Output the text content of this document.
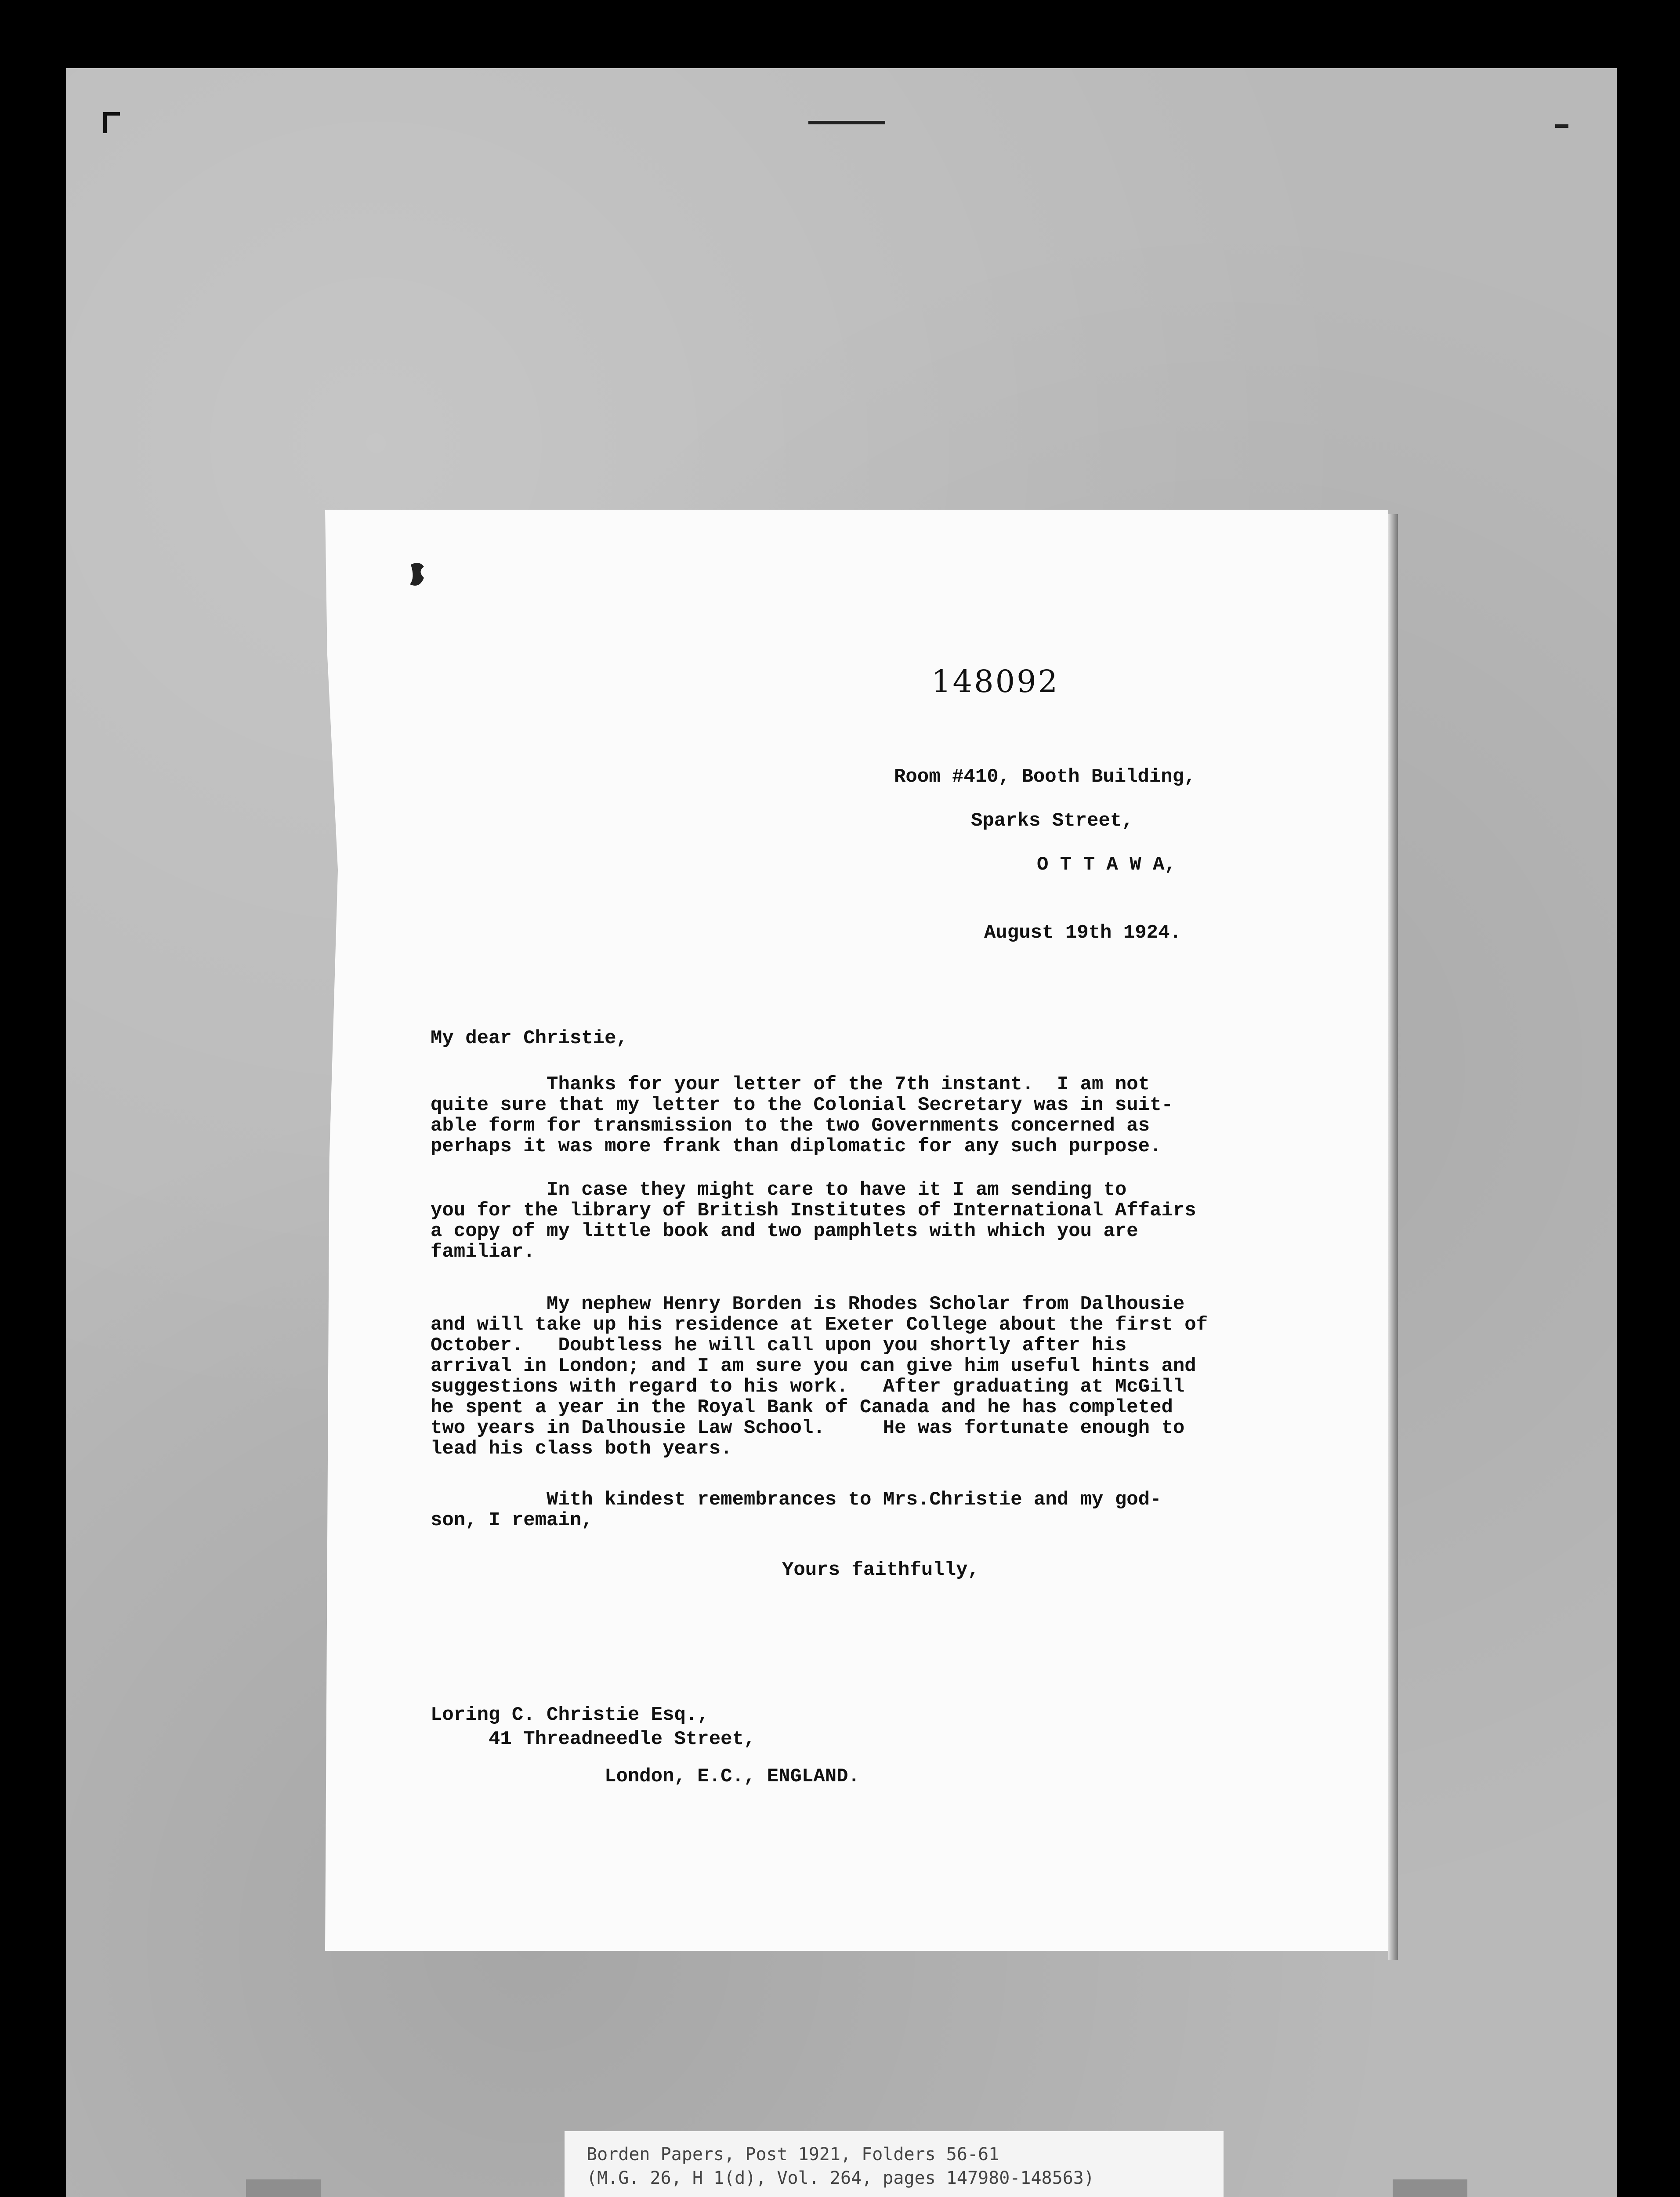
148092
Room #410, Booth Building,
Sparks Street,
O T T A W A,
August 19th 1924.
My dear Christie,
Thanks for your letter of the 7th instant.  I am not
quite sure that my letter to the Colonial Secretary was in suit-
able form for transmission to the two Governments concerned as
perhaps it was more frank than diplomatic for any such purpose.
In case they might care to have it I am sending to
you for the library of British Institutes of International Affairs
a copy of my little book and two pamphlets with which you are
familiar.
My nephew Henry Borden is Rhodes Scholar from Dalhousie
and will take up his residence at Exeter College about the first of
October.   Doubtless he will call upon you shortly after his
arrival in London; and I am sure you can give him useful hints and
suggestions with regard to his work.   After graduating at McGill
he spent a year in the Royal Bank of Canada and he has completed
two years in Dalhousie Law School.     He was fortunate enough to
lead his class both years.
With kindest remembrances to Mrs.Christie and my god-
son, I remain,
Yours faithfully,
Loring C. Christie Esq.,
41 Threadneedle Street,
London, E.C., ENGLAND.
Borden Papers, Post 1921, Folders 56-61
(M.G. 26, H 1(d), Vol. 264, pages 147980-148563)
